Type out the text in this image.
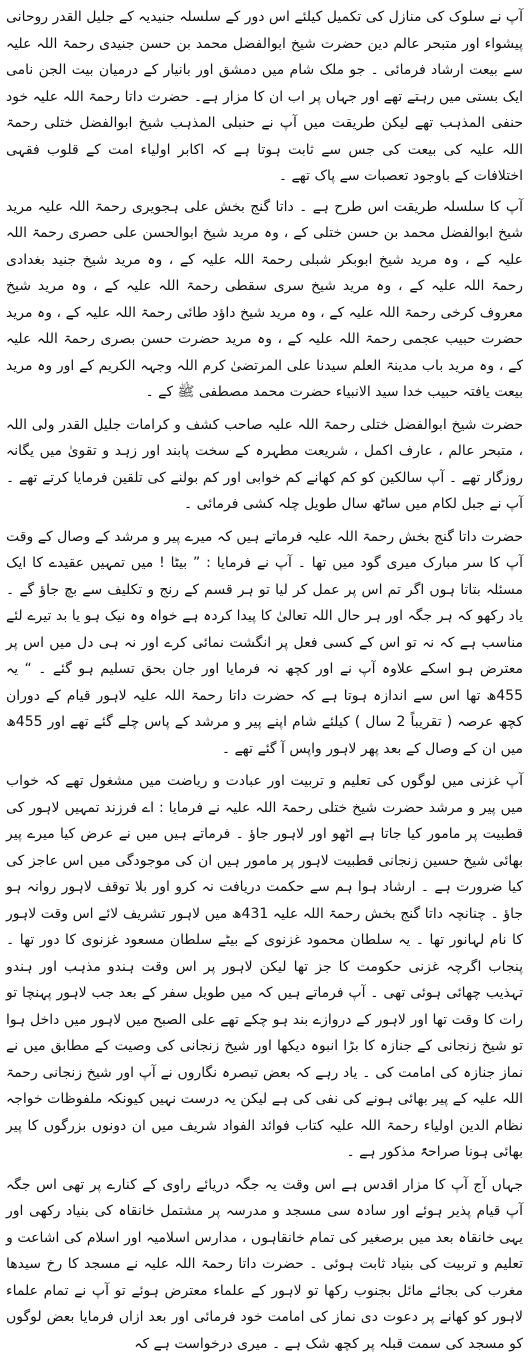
آپ نے سلوک کی منازل کی تکمیل کیلئے اس دور کے سلسلہ جنیدیہ کے جلیل القدر روحانی پیشواء اور متبحر عالم دین حضرت شیخ ابوالفضل محمد بن حسن جنیدی رحمۃ اللہ علیہ سے بیعت ارشاد فرمائی ۔ جو ملک شام میں دمشق اور بانیار کے درمیان بیت الجن نامی ایک بستی میں رہتے تھے اور جہاں پر اب ان کا مزار ہے۔ حضرت داتا رحمۃ اللہ علیہ خود حنفی المذہب تھے لیکن طریقت میں آپ نے حنبلی المذہب شیخ ابوالفضل ختلی رحمۃ اللہ علیہ کی بیعت کی جس سے ثابت ہوتا ہے کہ اکابر اولیاء امت کے قلوب فقہی اختلافات کے باوجود تعصبات سے پاک تھے ۔

آپ کا سلسلہ طریقت اس طرح ہے ۔ داتا گنج بخش علی ہجویری رحمۃ اللہ علیہ مرید شیخ ابوالفضل محمد بن حسن ختلی کے ، وہ مرید شیخ ابوالحسن علی حصری رحمۃ اللہ علیہ کے ، وہ مرید شیخ ابوبکر شبلی رحمۃ اللہ علیہ کے ، وہ مرید شیخ جنید بغدادی رحمۃ اللہ علیہ کے ، وہ مرید شیخ سری سقطی رحمۃ اللہ علیہ کے ، وہ مرید شیخ معروف کرخی رحمۃ اللہ علیہ کے ، وہ مرید شیخ داؤد طائی رحمۃ اللہ علیہ کے ، وہ مرید حضرت حبیب عجمی رحمۃ اللہ علیہ کے ، وہ مرید حضرت حسن بصری رحمۃ اللہ علیہ کے ، وہ مرید باب مدینۃ العلم سیدنا علی المرتضیٰ کرم اللہ وجہہ الکریم کے اور وہ مرید بیعت یافتہ حبیب خدا سید الانبیاء حضرت محمد مصطفی ﷺ کے ۔

حضرت شیخ ابوالفضل ختلی رحمۃ اللہ علیہ صاحب کشف و کرامات جلیل القدر ولی اللہ ، متبحر عالم ، عارف اکمل ، شریعت مطہرہ کے سخت پابند اور زہد و تقویٰ میں یگانہ روزگار تھے ۔ آپ سالکین کو کم کھانے کم خوابی اور کم بولنے کی تلقین فرمایا کرتے تھے ۔ آپ نے جبل لکام میں ساٹھ سال طویل چلہ کشی فرمائی ۔

حضرت داتا گنج بخش رحمۃ اللہ علیہ فرماتے ہیں کہ میرے پیر و مرشد کے وصال کے وقت آپ کا سر مبارک میری گود میں تھا ۔ آپ نے فرمایا : ” بیٹا ! میں تمہیں عقیدے کا ایک مسئلہ بتاتا ہوں اگر تم اس پر عمل کر لیا تو ہر قسم کے رنج و تکلیف سے بچ جاؤ گے ۔ یاد رکھو کہ ہر جگہ اور ہر حال اللہ تعالیٰ کا پیدا کردہ ہے خواہ وہ نیک ہو یا بد تیرے لئے مناسب ہے کہ نہ تو اس کے کسی فعل پر انگشت نمائی کرے اور نہ ہی دل میں اس پر معترض ہو اسکے علاوہ آپ نے اور کچھ نہ فرمایا اور جان بحق تسلیم ہو گئے ۔ “ یہ 455ھ تھا اس سے اندازہ ہوتا ہے کہ حضرت داتا رحمۃ اللہ علیہ لاہور قیام کے دوران کچھ عرصہ ( تقریباً 2 سال ) کیلئے شام اپنے پیر و مرشد کے پاس چلے گئے تھے اور 455ھ میں ان کے وصال کے بعد پھر لاہور واپس آ گئے تھے ۔

آپ غزنی میں لوگوں کی تعلیم و تربیت اور عبادت و ریاضت میں مشغول تھے کہ خواب میں پیر و مرشد حضرت شیخ ختلی رحمۃ اللہ علیہ نے فرمایا : اے فرزند تمہیں لاہور کی قطبیت پر مامور کیا جاتا ہے اٹھو اور لاہور جاؤ ۔ فرماتے ہیں میں نے عرض کیا میرے پیر بھائی شیخ حسین زنجانی قطبیت لاہور پر مامور ہیں ان کی موجودگی میں اس عاجز کی کیا ضرورت ہے ۔ ارشاد ہوا ہم سے حکمت دریافت نہ کرو اور بلا توقف لاہور روانہ ہو جاؤ ۔ چنانچہ داتا گنج بخش رحمۃ اللہ علیہ 431ھ میں لاہور تشریف لائے اس وقت لاہور کا نام لہانور تھا ۔ یہ سلطان محمود غزنوی کے بیٹے سلطان مسعود غزنوی کا دور تھا ۔ پنجاب اگرچہ غزنی حکومت کا جز تھا لیکن لاہور پر اس وقت ہندو مذہب اور ہندو تہذیب چھائی ہوئی تھی ۔ آپ فرماتے ہیں کہ میں طویل سفر کے بعد جب لاہور پہنچا تو رات کا وقت تھا اور لاہور کے دروازے بند ہو چکے تھے علی الصبح میں لاہور میں داخل ہوا تو شیخ زنجانی کے جنازہ کا بڑا انبوہ دیکھا اور شیخ زنجانی کی وصیت کے مطابق میں نے نماز جنازہ کی امامت کی ۔ یاد رہے کہ بعض تبصرہ نگاروں نے آپ اور شیخ زنجانی رحمۃ اللہ علیہ کے پیر بھائی ہونے کی نفی کی ہے لیکن یہ درست نہیں کیونکہ ملفوظات خواجہ نظام الدین اولیاء رحمۃ اللہ علیہ کتاب فوائد الفواد شریف میں ان دونوں بزرگوں کا پیر بھائی ہونا صراحۃً مذکور ہے ۔

جہاں آج آپ کا مزار اقدس ہے اس وقت یہ جگہ دریائے راوی کے کنارے پر تھی اس جگہ آپ قیام پذیر ہوئے اور سادہ سی مسجد و مدرسہ پر مشتمل خانقاہ کی بنیاد رکھی اور یہی خانقاہ بعد میں برصغیر کی تمام خانقاہوں ، مدارس اسلامیہ اور اسلام کی اشاعت و تعلیم و تربیت کی بنیاد ثابت ہوئی ۔ حضرت داتا رحمۃ اللہ علیہ نے مسجد کا رخ سیدھا مغرب کی بجائے مائل بجنوب رکھا تو لاہور کے علماء معترض ہوئے تو آپ نے تمام علماء لاہور کو کھانے پر دعوت دی نماز کی امامت خود فرمائی اور بعد ازاں فرمایا بعض لوگوں کو مسجد کی سمت قبلہ پر کچھ شک ہے ۔ میری درخواست ہے کہ
